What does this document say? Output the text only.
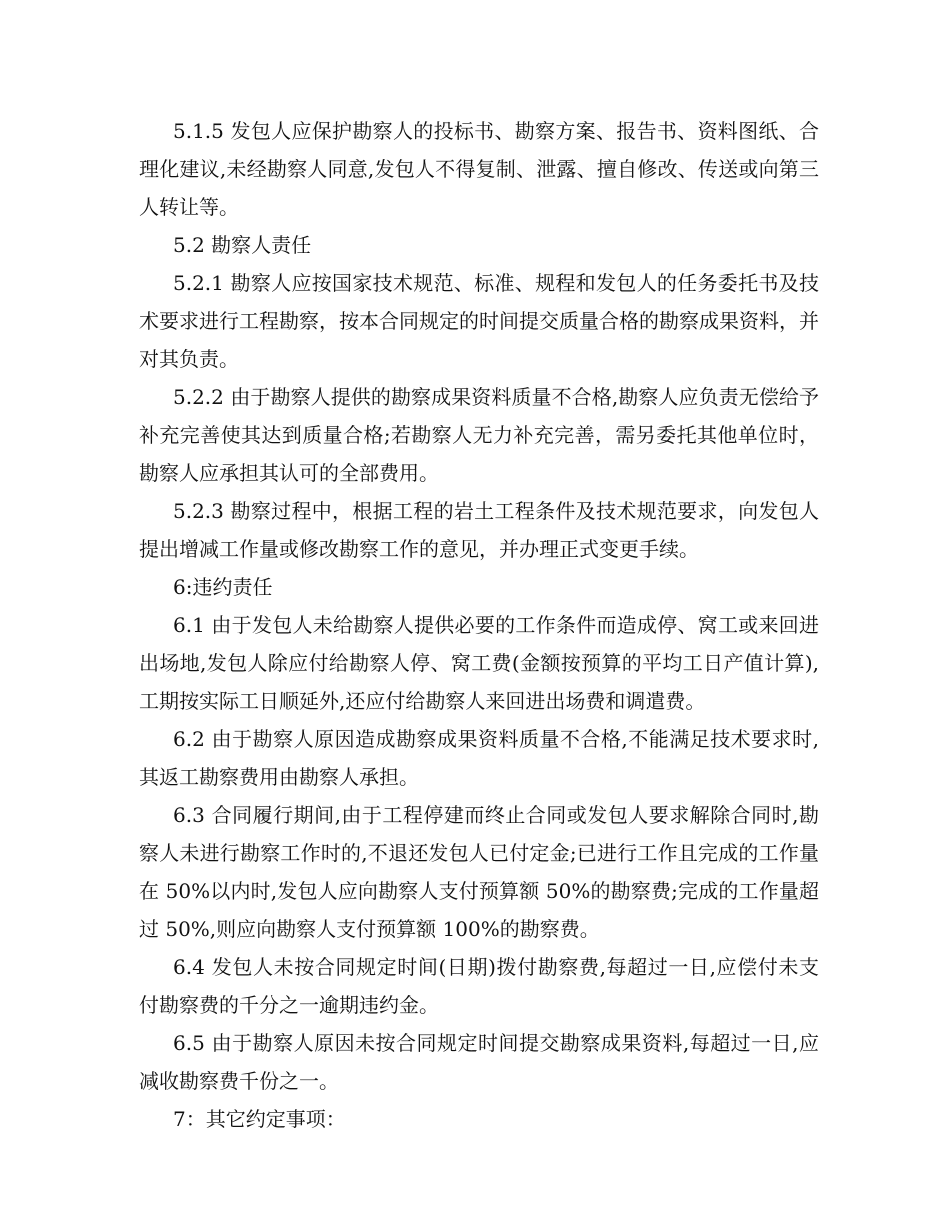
5.1.5 发包人应保护勘察人的投标书、勘察方案、报告书、资料图纸、合理化建议,未经勘察人同意,发包人不得复制、泄露、擅自修改、传送或向第三人转让等。

5.2 勘察人责任

5.2.1 勘察人应按国家技术规范、标准、规程和发包人的任务委托书及技术要求进行工程勘察，按本合同规定的时间提交质量合格的勘察成果资料，并对其负责。

5.2.2 由于勘察人提供的勘察成果资料质量不合格,勘察人应负责无偿给予补充完善使其达到质量合格;若勘察人无力补充完善，需另委托其他单位时，勘察人应承担其认可的全部费用。

5.2.3 勘察过程中，根据工程的岩土工程条件及技术规范要求，向发包人提出增减工作量或修改勘察工作的意见，并办理正式变更手续。

6:违约责任

6.1 由于发包人未给勘察人提供必要的工作条件而造成停、窝工或来回进出场地,发包人除应付给勘察人停、窝工费(金额按预算的平均工日产值计算),工期按实际工日顺延外,还应付给勘察人来回进出场费和调遣费。

6.2 由于勘察人原因造成勘察成果资料质量不合格,不能满足技术要求时,其返工勘察费用由勘察人承担。

6.3 合同履行期间,由于工程停建而终止合同或发包人要求解除合同时,勘察人未进行勘察工作时的,不退还发包人已付定金;已进行工作且完成的工作量在 50%以内时,发包人应向勘察人支付预算额 50%的勘察费;完成的工作量超过 50%,则应向勘察人支付预算额 100%的勘察费。

6.4 发包人未按合同规定时间(日期)拨付勘察费,每超过一日,应偿付未支付勘察费的千分之一逾期违约金。

6.5 由于勘察人原因未按合同规定时间提交勘察成果资料,每超过一日,应减收勘察费千份之一。

7：其它约定事项：
